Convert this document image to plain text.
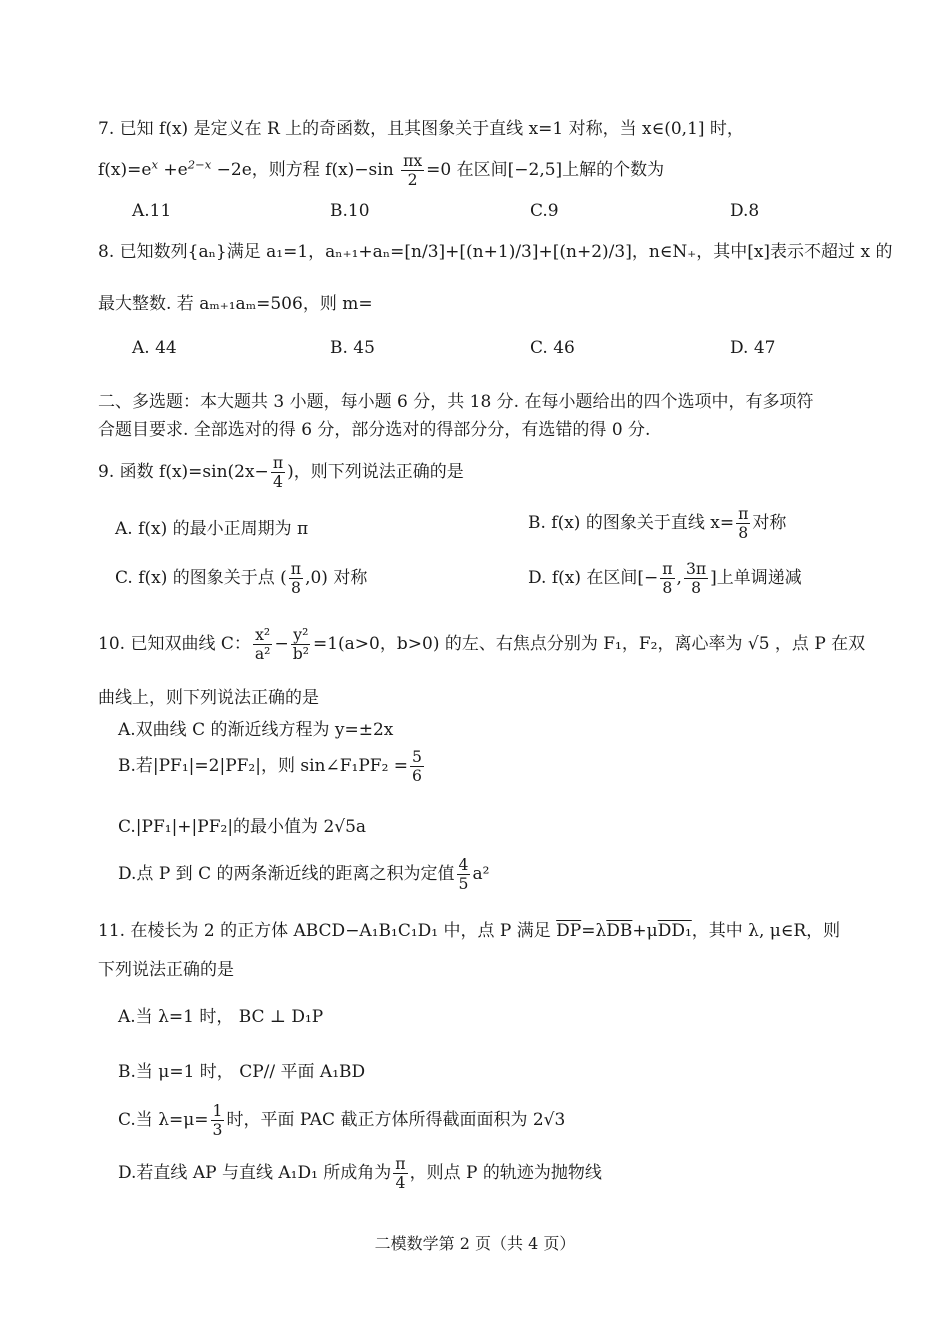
7. 已知 f(x) 是定义在 R 上的奇函数，且其图象关于直线 x=1 对称，当 x∈(0,1] 时，
$f(x)=e^x +e^{2-x} -2e$，则方程 $f(x)-\sin \frac{\pi x}{2} =0$ 在区间[−2,5]上解的个数为
A.11	B.10	C.9	D.8
8. 已知数列{aₙ}满足 a₁=1，aₙ₊₁+aₙ=[n/3]+[(n+1)/3]+[(n+2)/3]，n∈N₊，其中[x]表示不超过 x 的
最大整数. 若 aₘ₊₁aₘ=506，则 m=
A. 44	B. 45	C. 46	D. 47
二、多选题：本大题共 3 小题，每小题 6 分，共 18 分. 在每小题给出的四个选项中，有多项符
合题目要求. 全部选对的得 6 分，部分选对的得部分分，有选错的得 0 分.
9. 函数 $f(x)=\sin(2x- \frac{\pi}{4}$ )，则下列说法正确的是
A. f(x) 的最小正周期为 π	B. f(x) 的图象关于直线 $x= \frac{\pi}{8}$ 对称
C. f(x) 的图象关于点 ( $\frac{\pi}{8} ,0$) 对称	D. f(x) 在区间[− $\frac{\pi}{8}$ , $\frac{3\pi}{8}$ ]上单调递减
10. 已知双曲线 C： $\frac{\text{x²}}{\text{a²}} - \frac{\text{y²}}{\text{b²}} =1(a>0$，b>0) 的左、右焦点分别为 F₁，F₂，离心率为 √5 ，点 P 在双
曲线上，则下列说法正确的是
A.双曲线 C 的渐近线方程为 y=±2x
B.若|PF₁|=2|PF₂|，则 sin∠F₁PF₂ = $\frac{5}{6}$
C.|PF₁|+|PF₂|的最小值为 2√5a
D.点 P 到 C 的两条渐近线的距离之积为定值 $\frac{4}{5} a^2$
11. 在棱长为 2 的正方体 ABCD−A₁B₁C₁D₁ 中，点 P 满足 $\overline{DP}=\lambda\overline{DB}+\mu DD_1$，其中 λ, μ∈R，则
下列说法正确的是
A.当 λ=1 时， BC ⊥ D₁P
B.当 μ=1 时， CP// 平面 A₁BD
C.当 $\lambda=\mu= \frac{1}{3}$ 时，平面 PAC 截正方体所得截面面积为 2√3
D.若直线 AP 与直线 A₁D₁ 所成角为 $\frac{\pi}{4}$ ，则点 P 的轨迹为抛物线
二模数学第 2 页（共 4 页）
